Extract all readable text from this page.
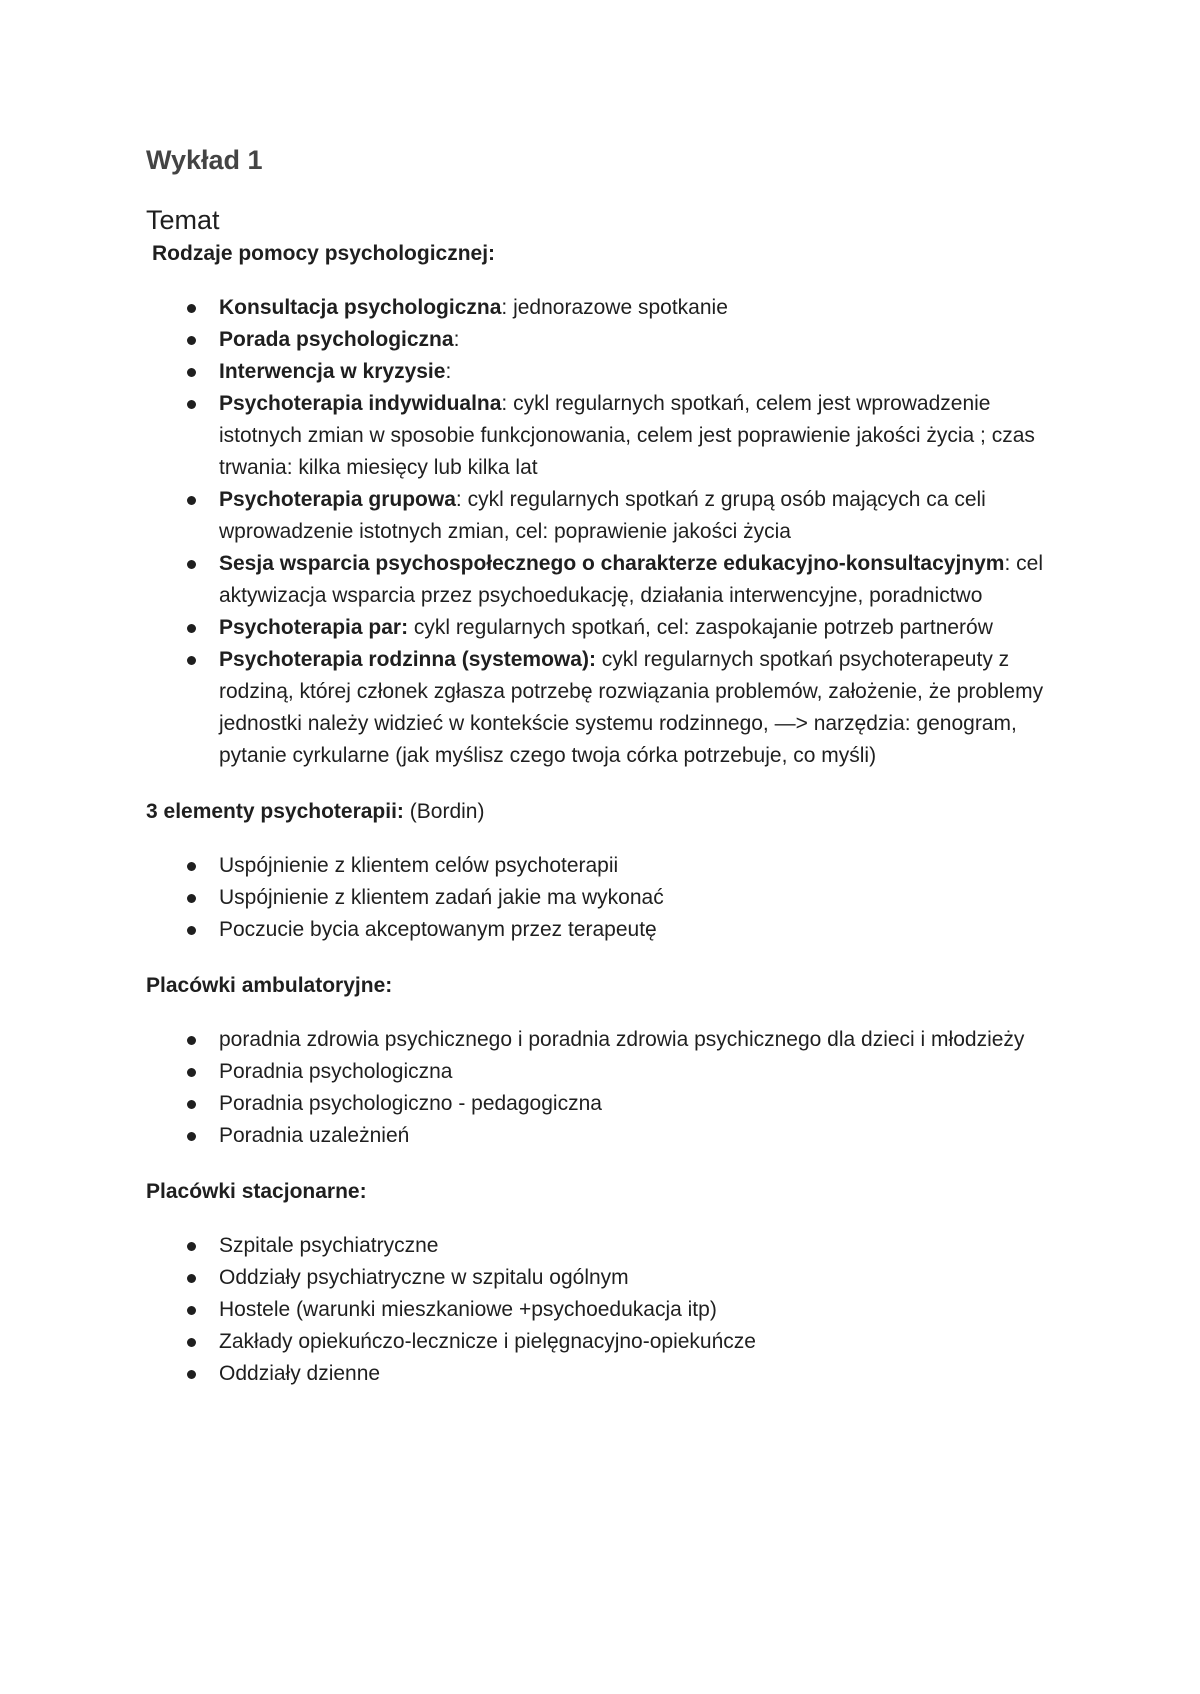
Wykład 1
Temat

Rodzaje pomocy psychologicznej:

Konsultacja psychologiczna: jednorazowe spotkanie
Porada psychologiczna:
Interwencja w kryzysie:
Psychoterapia indywidualna: cykl regularnych spotkań, celem jest wprowadzenie istotnych zmian w sposobie funkcjonowania, celem jest poprawienie jakości życia ; czas trwania: kilka miesięcy lub kilka lat
Psychoterapia grupowa: cykl regularnych spotkań z grupą osób mających ca celi wprowadzenie istotnych zmian, cel: poprawienie jakości życia
Sesja wsparcia psychospołecznego o charakterze edukacyjno-konsultacyjnym: cel aktywizacja wsparcia przez psychoedukację, działania interwencyjne, poradnictwo
Psychoterapia par: cykl regularnych spotkań, cel: zaspokajanie potrzeb partnerów
Psychoterapia rodzinna (systemowa): cykl regularnych spotkań psychoterapeuty z rodziną, której członek zgłasza potrzebę rozwiązania problemów, założenie, że problemy jednostki należy widzieć w kontekście systemu rodzinnego, —> narzędzia: genogram, pytanie cyrkularne (jak myślisz czego twoja córka potrzebuje, co myśli)

3 elementy psychoterapii: (Bordin)

Uspójnienie z klientem celów psychoterapii
Uspójnienie z klientem zadań jakie ma wykonać
Poczucie bycia akceptowanym przez terapeutę

Placówki ambulatoryjne:

poradnia zdrowia psychicznego i poradnia zdrowia psychicznego dla dzieci i młodzieży
Poradnia psychologiczna
Poradnia psychologiczno - pedagogiczna
Poradnia uzależnień

Placówki stacjonarne:

Szpitale psychiatryczne
Oddziały psychiatryczne w szpitalu ogólnym
Hostele (warunki mieszkaniowe +psychoedukacja itp)
Zakłady opiekuńczo-lecznicze i pielęgnacyjno-opiekuńcze
Oddziały dzienne
